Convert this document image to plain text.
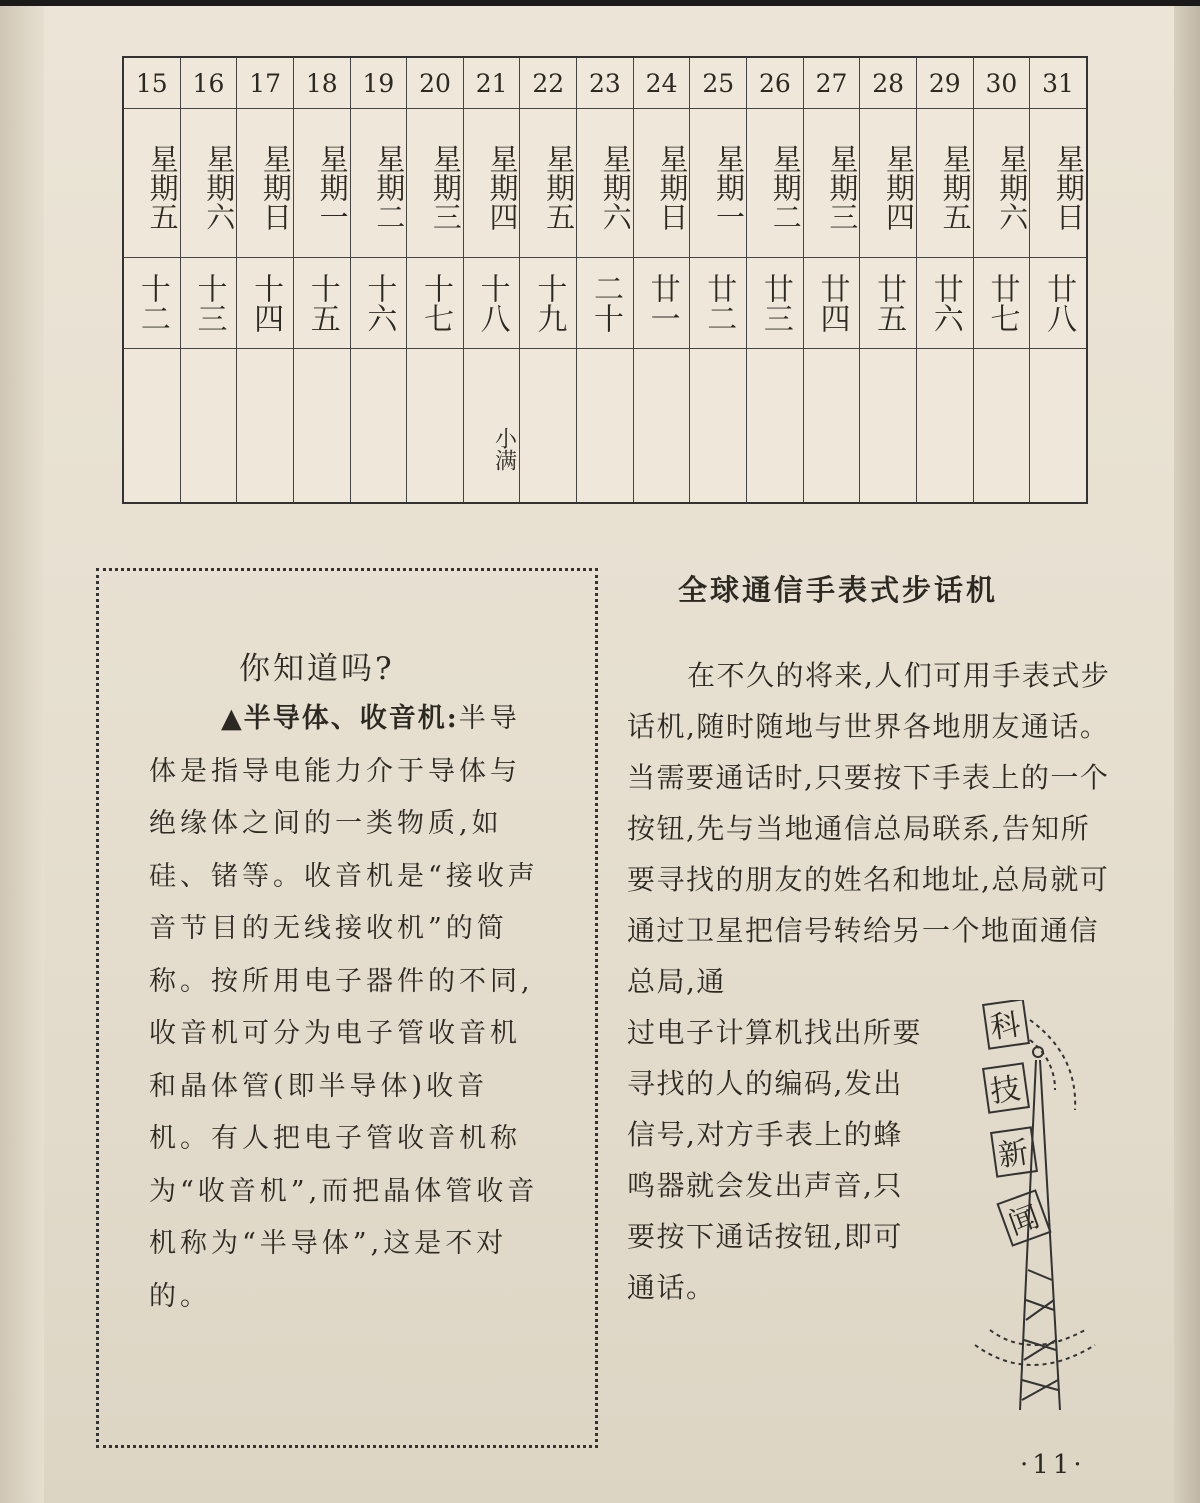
15
星期五
十二
16
星期六
十三
17
星期日
十四
18
星期一
十五
19
星期二
十六
20
星期三
十七
21
星期四
十八
小满
22
星期五
十九
23
星期六
二十
24
星期日
廿一
25
星期一
廿二
26
星期二
廿三
27
星期三
廿四
28
星期四
廿五
29
星期五
廿六
30
星期六
廿七
31
星期日
廿八
你知道吗?
▲半导体、收音机:半导体是指导电能力介于导体与绝缘体之间的一类物质,如硅、锗等。收音机是“接收声音节目的无线接收机”的简称。按所用电子器件的不同,收音机可分为电子管收音机和晶体管(即半导体)收音机。有人把电子管收音机称为“收音机”,而把晶体管收音机称为“半导体”,这是不对的。
全球通信手表式步话机

在不久的将来,人们可用手表式步话机,随时随地与世界各地朋友通话。当需要通话时,只要按下手表上的一个按钮,先与当地通信总局联系,告知所要寻找的朋友的姓名和地址,总局就可通过卫星把信号转给另一个地面通信总局,通

过电子计算机找出所要寻找的人的编码,发出信号,对方手表上的蜂鸣器就会发出声音,只要按下通话按钮,即可通话。

科
技
新
闻
·11·
